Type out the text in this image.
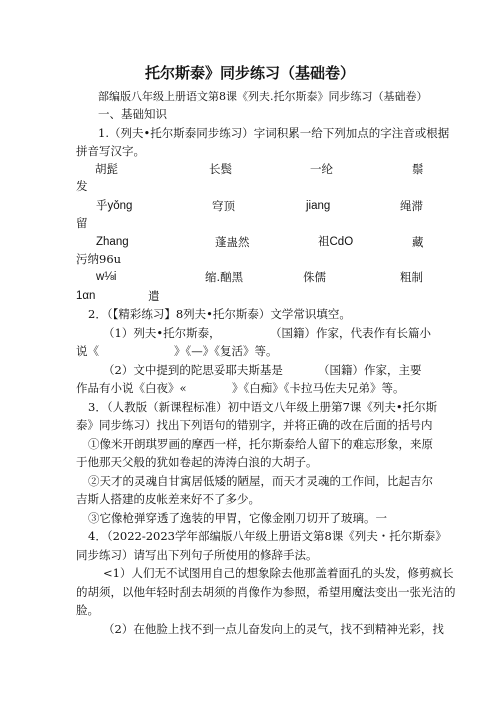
托尔斯泰》同步练习（基础卷）
部编版八年级上册语文第8课《列夫.托尔斯泰》同步练习（基础卷）
一、基础知识
1.（列夫•托尔斯泰同步练习）字词积累一给下列加点的字注音或根据
拼音写汉字。
胡髭	长鬓	一纶	鬃
发
乎yǒng	穹顶	jiang	绳滞
留
Zhang	蓬蛊然	祖CdO	藏
污纳96u
w⅛i	缩.酗黑	侏儒	粗制
1αn	遣
2．（【精彩练习】8列夫•托尔斯泰）文学常识填空。
（1）列夫•托尔斯泰，	（国籍）作家，代表作有长篇小
说《	》《—》《复活》等。
（2）文中提到的陀思妥耶夫斯基是	（国籍）作家，主要
作品有小说《白夜》«	》《白痴》《卡拉马佐夫兄弟》等。
3．（人教版（新课程标准）初中语文八年级上册第7课《列夫•托尔斯
泰》同步练习）找出下列语句的错别字，并将正确的改在后面的括号内
①像米开朗琪罗画的摩西一样，托尔斯泰给人留下的难忘形象，来原
于他那天父般的犹如卷起的涛涛白浪的大胡子。
②天才的灵魂自甘寓居低矮的陋屋，而天才灵魂的工作间，比起吉尔
吉斯人搭建的皮帐差来好不了多少。
③它像枪弹穿透了逸装的甲胃，它像金刚刀切开了玻璃。一
4．（2022-2023学年部编版八年级上册语文第8课《列夫・托尔斯泰》
同步练习）请写出下列句子所使用的修辞手法。
<1）人们无不试图用自己的想象除去他那盖着面孔的头发，修剪疯长
的胡须，以他年轻时刮去胡须的肖像作为参照，希望用魔法变出一张光洁的
脸。
（2）在他脸上找不到一点儿奋发向上的灵气，找不到精神光彩，找
